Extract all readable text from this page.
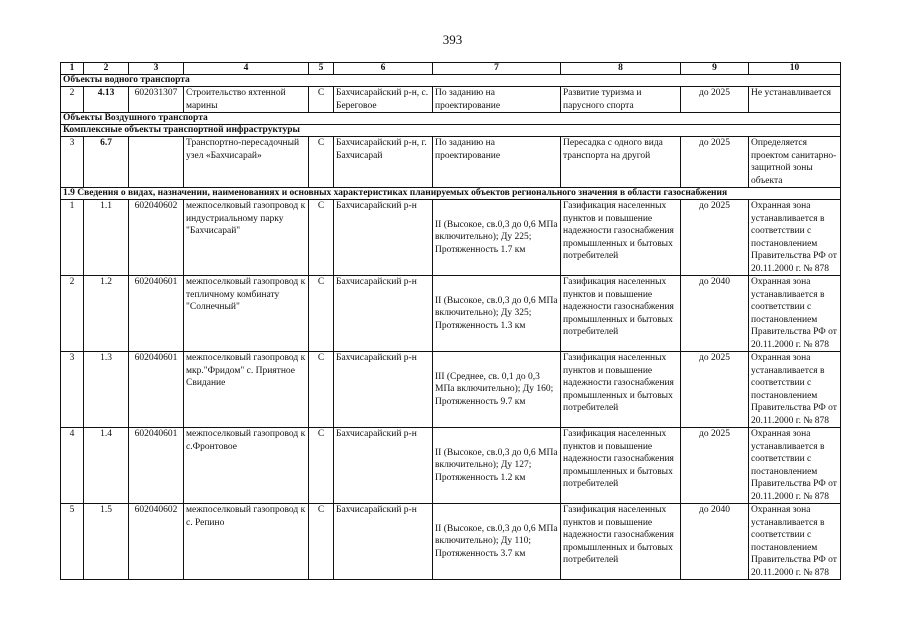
393
1	2	3	4	5	6	7	8	9	10
Объекты водного транспорта									
2	4.13	602031307	Строительство яхтенной марины	С	Бахчисарайский р-н, с. Береговое	По заданию на проектирование	Развитие туризма и парусного спорта	до 2025	Не устанавливается
Объекты Воздушного транспорта									
Комплексные объекты транспортной инфраструктуры									
3	6.7		Транспортно-пересадочный узел «Бахчисарай»	С	Бахчисарайский р-н, г. Бахчисарай	По заданию на проектирование	Пересадка с одного вида транспорта на другой	до 2025	Определяется проектом санитарно-защитной зоны объекта
1.9 Сведения о видах, назначении, наименованиях и основных характеристиках планируемых объектов регионального значения в области газоснабжения									
1	1.1	602040602	межпоселковый газопровод к индустриальному парку "Бахчисарай"	С	Бахчисарайский р-н	II (Высокое, св.0,3 до 0,6 МПа включительно); Ду 225; Протяженность 1.7 км	Газификация населенных пунктов и повышение надежности газоснабжения промышленных и бытовых потребителей	до 2025	Охранная зона устанавливается в соответствии с постановлением Правительства РФ от 20.11.2000 г. № 878
2	1.2	602040601	межпоселковый газопровод к тепличному комбинату "Солнечный"	С	Бахчисарайский р-н	II (Высокое, св.0,3 до 0,6 МПа включительно); Ду 325; Протяженность 1.3 км	Газификация населенных пунктов и повышение надежности газоснабжения промышленных и бытовых потребителей	до 2040	Охранная зона устанавливается в соответствии с постановлением Правительства РФ от 20.11.2000 г. № 878
3	1.3	602040601	межпоселковый газопровод к мкр."Фридом" с. Приятное Свидание	С	Бахчисарайский р-н	III (Среднее, св. 0,1 до 0,3 МПа включительно); Ду 160; Протяженность 9.7 км	Газификация населенных пунктов и повышение надежности газоснабжения промышленных и бытовых потребителей	до 2025	Охранная зона устанавливается в соответствии с постановлением Правительства РФ от 20.11.2000 г. № 878
4	1.4	602040601	межпоселковый газопровод к с.Фронтовое	С	Бахчисарайский р-н	II (Высокое, св.0,3 до 0,6 МПа включительно); Ду 127; Протяженность 1.2 км	Газификация населенных пунктов и повышение надежности газоснабжения промышленных и бытовых потребителей	до 2025	Охранная зона устанавливается в соответствии с постановлением Правительства РФ от 20.11.2000 г. № 878
5	1.5	602040602	межпоселковый газопровод к с. Репино	С	Бахчисарайский р-н	II (Высокое, св.0,3 до 0,6 МПа включительно); Ду 110; Протяженность 3.7 км	Газификация населенных пунктов и повышение надежности газоснабжения промышленных и бытовых потребителей	до 2040	Охранная зона устанавливается в соответствии с постановлением Правительства РФ от 20.11.2000 г. № 878
